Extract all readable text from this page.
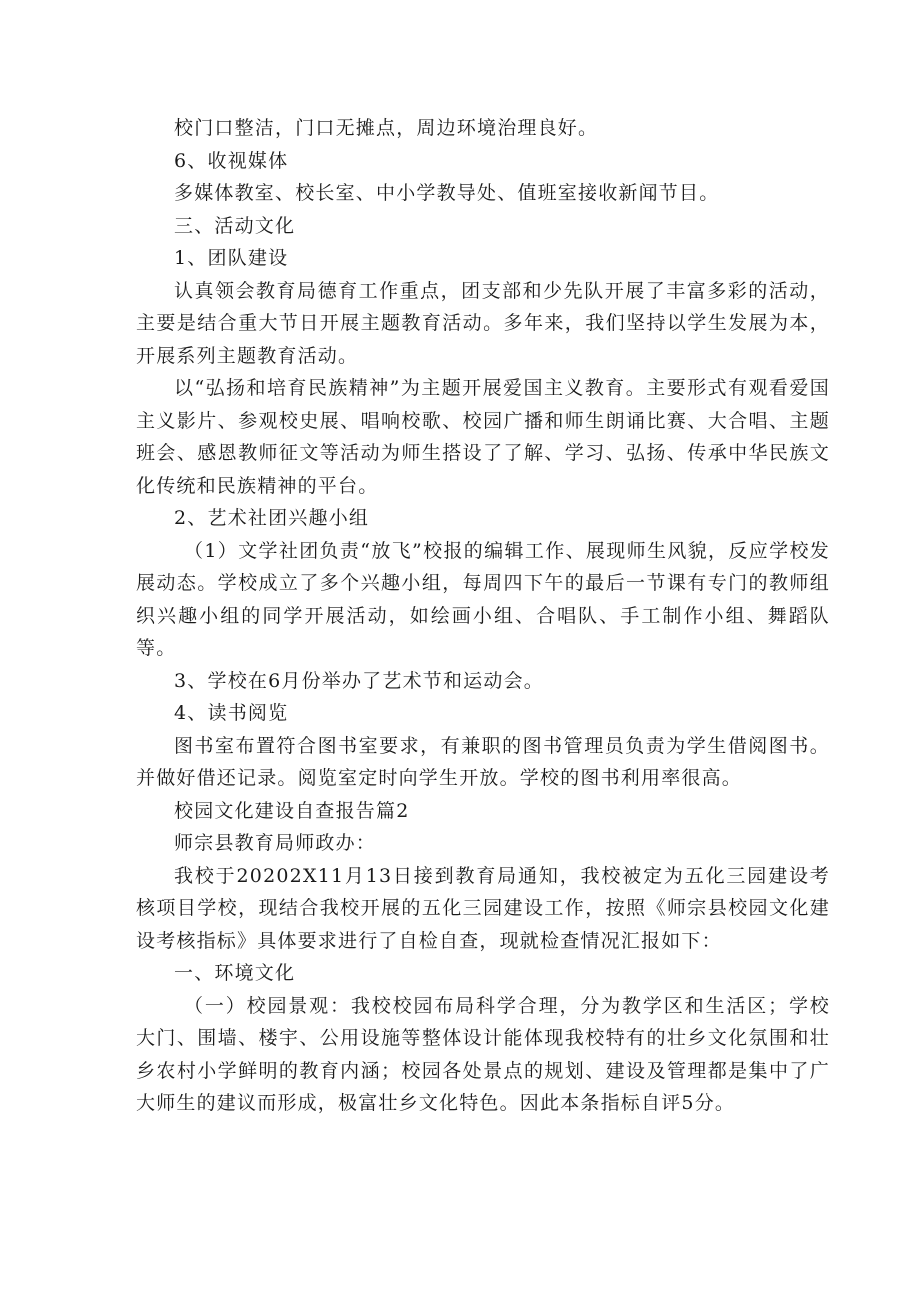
校门口整洁，门口无摊点，周边环境治理良好。

6、收视媒体

多媒体教室、校长室、中小学教导处、值班室接收新闻节目。

三、活动文化

1、团队建设

认真领会教育局德育工作重点，团支部和少先队开展了丰富多彩的活动，主要是结合重大节日开展主题教育活动。多年来，我们坚持以学生发展为本，开展系列主题教育活动。

以“弘扬和培育民族精神”为主题开展爱国主义教育。主要形式有观看爱国主义影片、参观校史展、唱响校歌、校园广播和师生朗诵比赛、大合唱、主题班会、感恩教师征文等活动为师生搭设了了解、学习、弘扬、传承中华民族文化传统和民族精神的平台。

2、艺术社团兴趣小组

（1）文学社团负责“放飞”校报的编辑工作、展现师生风貌，反应学校发展动态。学校成立了多个兴趣小组，每周四下午的最后一节课有专门的教师组织兴趣小组的同学开展活动，如绘画小组、合唱队、手工制作小组、舞蹈队等。

3、学校在6月份举办了艺术节和运动会。

4、读书阅览

图书室布置符合图书室要求，有兼职的图书管理员负责为学生借阅图书。并做好借还记录。阅览室定时向学生开放。学校的图书利用率很高。

校园文化建设自查报告篇2

师宗县教育局师政办：

我校于20202X11月13日接到教育局通知，我校被定为五化三园建设考核项目学校，现结合我校开展的五化三园建设工作，按照《师宗县校园文化建设考核指标》具体要求进行了自检自查，现就检查情况汇报如下：

一、环境文化

（一）校园景观：我校校园布局科学合理，分为教学区和生活区；学校大门、围墙、楼宇、公用设施等整体设计能体现我校特有的壮乡文化氛围和壮乡农村小学鲜明的教育内涵；校园各处景点的规划、建设及管理都是集中了广大师生的建议而形成，极富壮乡文化特色。因此本条指标自评5分。
